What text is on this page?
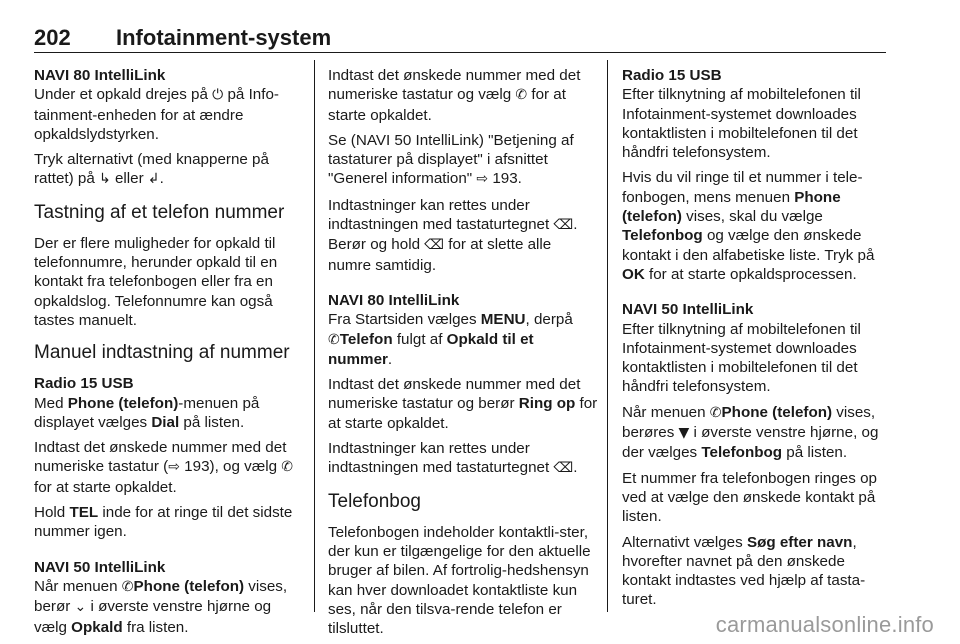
202 Infotainment-system

NAVI 80 IntelliLink

Under et opkald drejes på ⏻ på Info-tainment-enheden for at ændre opkaldslydstyrken.

Tryk alternativt (med knapperne på rattet) på ↳ eller ↲.

Tastning af et telefon nummer

Der er flere muligheder for opkald til telefonnumre, herunder opkald til en kontakt fra telefonbogen eller fra en opkaldslog. Telefonnumre kan også tastes manuelt.

Manuel indtastning af nummer

Radio 15 USB

Med Phone (telefon)-menuen på displayet vælges Dial på listen.

Indtast det ønskede nummer med det numeriske tastatur (⇨ 193), og vælg ✆ for at starte opkaldet.

Hold TEL inde for at ringe til det sidste nummer igen.

NAVI 50 IntelliLink

Når menuen ✆Phone (telefon) vises, berør ⌄ i øverste venstre hjørne og vælg Opkald fra listen.

Indtast det ønskede nummer med det numeriske tastatur og vælg ✆ for at starte opkaldet.

Se (NAVI 50 IntelliLink) "Betjening af tastaturer på displayet" i afsnittet "Generel information" ⇨ 193.

Indtastninger kan rettes under indtastningen med tastaturtegnet ⌫. Berør og hold ⌫ for at slette alle numre samtidig.

NAVI 80 IntelliLink

Fra Startsiden vælges MENU, derpå ✆Telefon fulgt af Opkald til et nummer.

Indtast det ønskede nummer med det numeriske tastatur og berør Ring op for at starte opkaldet.

Indtastninger kan rettes under indtastningen med tastaturtegnet ⌫.

Telefonbog

Telefonbogen indeholder kontaktli-ster, der kun er tilgængelige for den aktuelle bruger af bilen. Af fortrolig-hedshensyn kan hver downloadet kontaktliste kun ses, når den tilsva-rende telefon er tilsluttet.

Radio 15 USB

Efter tilknytning af mobiltelefonen til Infotainment-systemet downloades kontaktlisten i mobiltelefonen til det håndfri telefonsystem.

Hvis du vil ringe til et nummer i tele-fonbogen, mens menuen Phone (telefon) vises, skal du vælge Telefonbog og vælge den ønskede kontakt i den alfabetiske liste. Tryk på OK for at starte opkaldsprocessen.

NAVI 50 IntelliLink

Efter tilknytning af mobiltelefonen til Infotainment-systemet downloades kontaktlisten i mobiltelefonen til det håndfri telefonsystem.

Når menuen ✆Phone (telefon) vises, berøres ▼ i øverste venstre hjørne, og der vælges Telefonbog på listen.

Et nummer fra telefonbogen ringes op ved at vælge den ønskede kontakt på listen.

Alternativt vælges Søg efter navn, hvorefter navnet på den ønskede kontakt indtastes ved hjælp af tasta-turet.

carmanualsonline.info
